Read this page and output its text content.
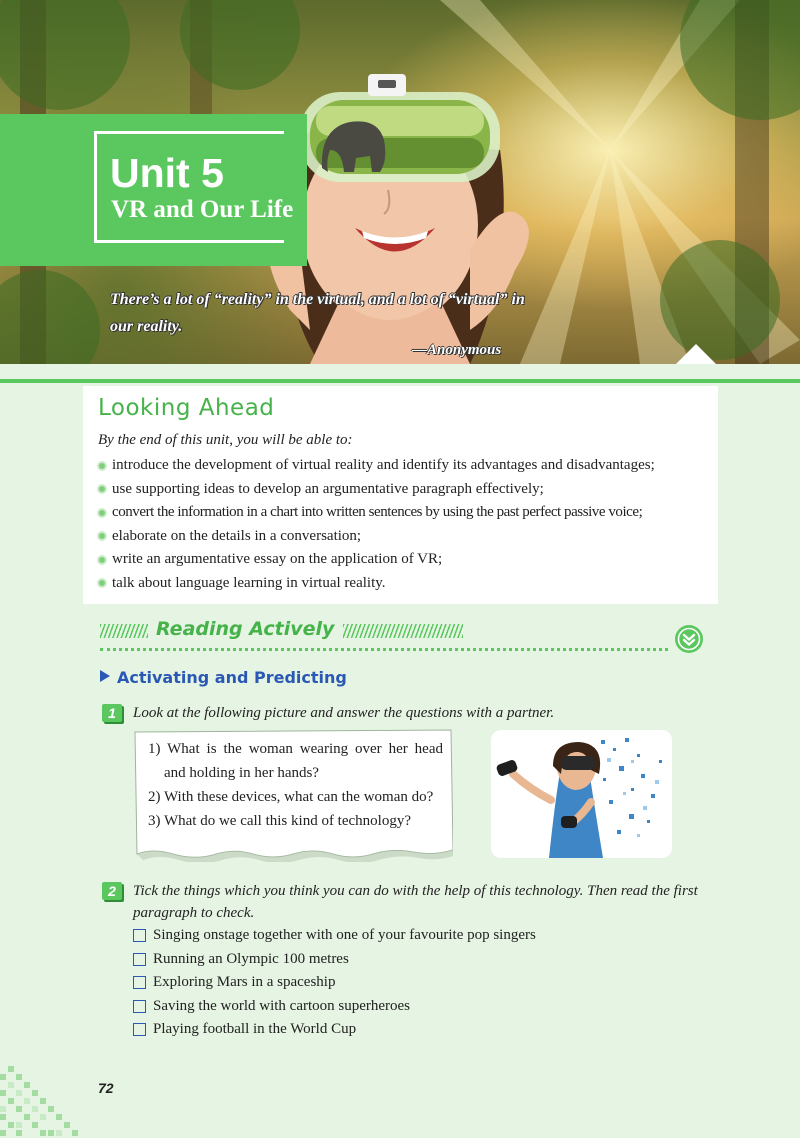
Unit 5
VR and Our Life
There’s a lot of “reality” in the virtual, and a lot of “virtual” in our reality.
—Anonymous
Looking Ahead
By the end of this unit, you will be able to:
introduce the development of virtual reality and identify its advantages and disadvantages;
use supporting ideas to develop an argumentative paragraph effectively;
convert the information in a chart into written sentences by using the past perfect passive voice;
elaborate on the details in a conversation;
write an argumentative essay on the application of VR;
talk about language learning in virtual reality.
Reading Actively
Activating and Predicting
1	Look at the following picture and answer the questions with a partner.
1) What is the woman wearing over her head and holding in her hands?
2) With these devices, what can the woman do?
3) What do we call this kind of technology?
2	Tick the things which you think you can do with the help of this technology. Then read the first paragraph to check.
Singing onstage together with one of your favourite pop singers
Running an Olympic 100 metres
Exploring Mars in a spaceship
Saving the world with cartoon superheroes
Playing football in the World Cup
72
